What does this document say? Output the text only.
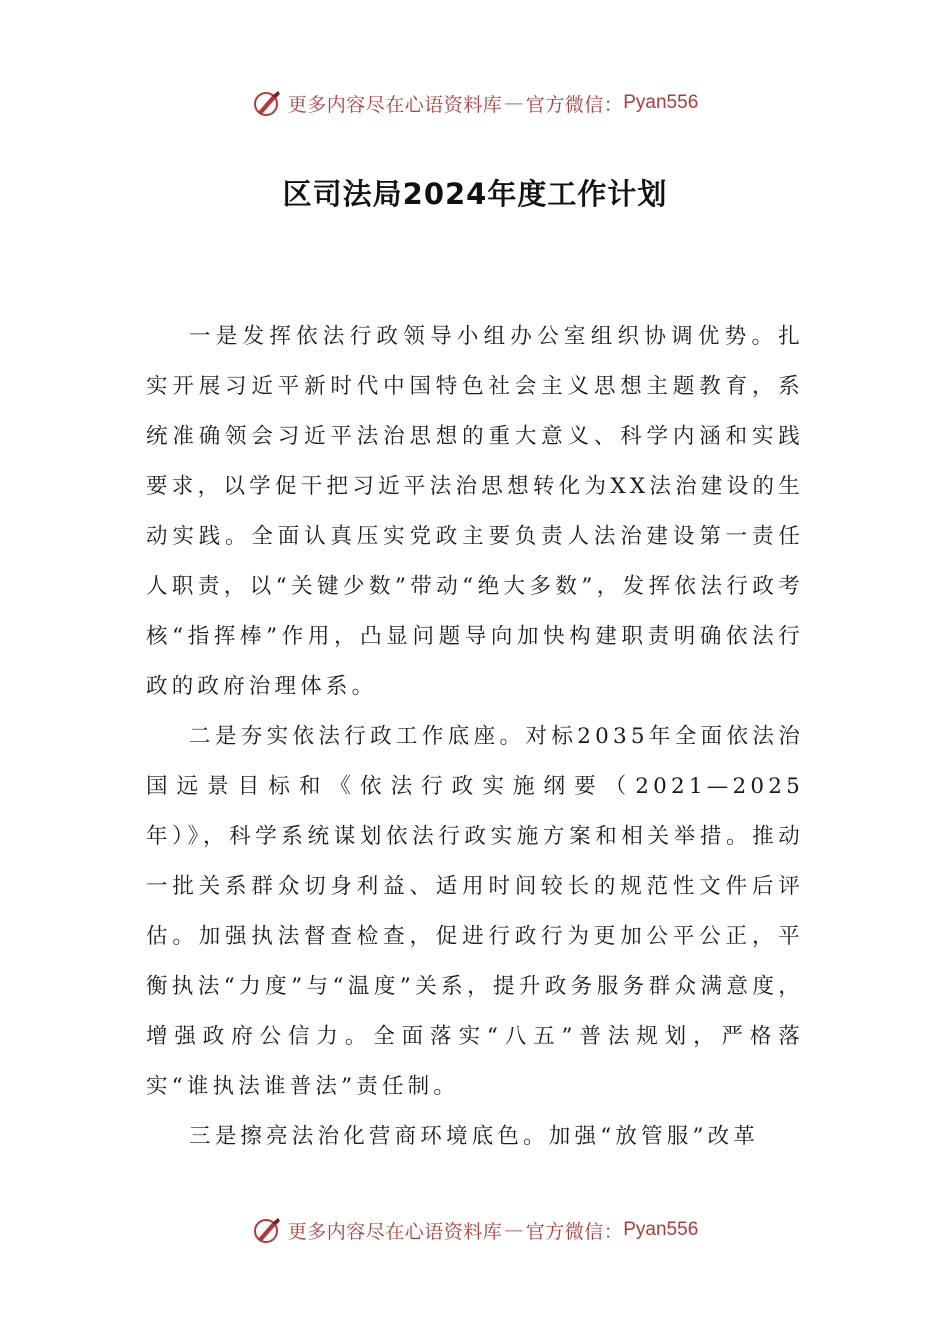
更多内容尽在心语资料库 — 官方微信： Pyan556
区司法局2024年度工作计划

一是发挥依法行政领导小组办公室组织协调优势。扎实开展习近平新时代中国特色社会主义思想主题教育，系统准确领会习近平法治思想的重大意义、科学内涵和实践要求，以学促干把习近平法治思想转化为XX法治建设的生动实践。全面认真压实党政主要负责人法治建设第一责任人职责，以“关键少数”带动“绝大多数”，发挥依法行政考核“指挥棒”作用，凸显问题导向加快构建职责明确依法行政的政府治理体系。

二是夯实依法行政工作底座。对标2035年全面依法治国远景目标和《依法行政实施纲要（2021—2025年）》，科学系统谋划依法行政实施方案和相关举措。推动一批关系群众切身利益、适用时间较长的规范性文件后评估。加强执法督查检查，促进行政行为更加公平公正，平衡执法“力度”与“温度”关系，提升政务服务群众满意度，增强政府公信力。全面落实“八五”普法规划，严格落实“谁执法谁普法”责任制。

三是擦亮法治化营商环境底色。加强“放管服”改革

更多内容尽在心语资料库 — 官方微信： Pyan556
